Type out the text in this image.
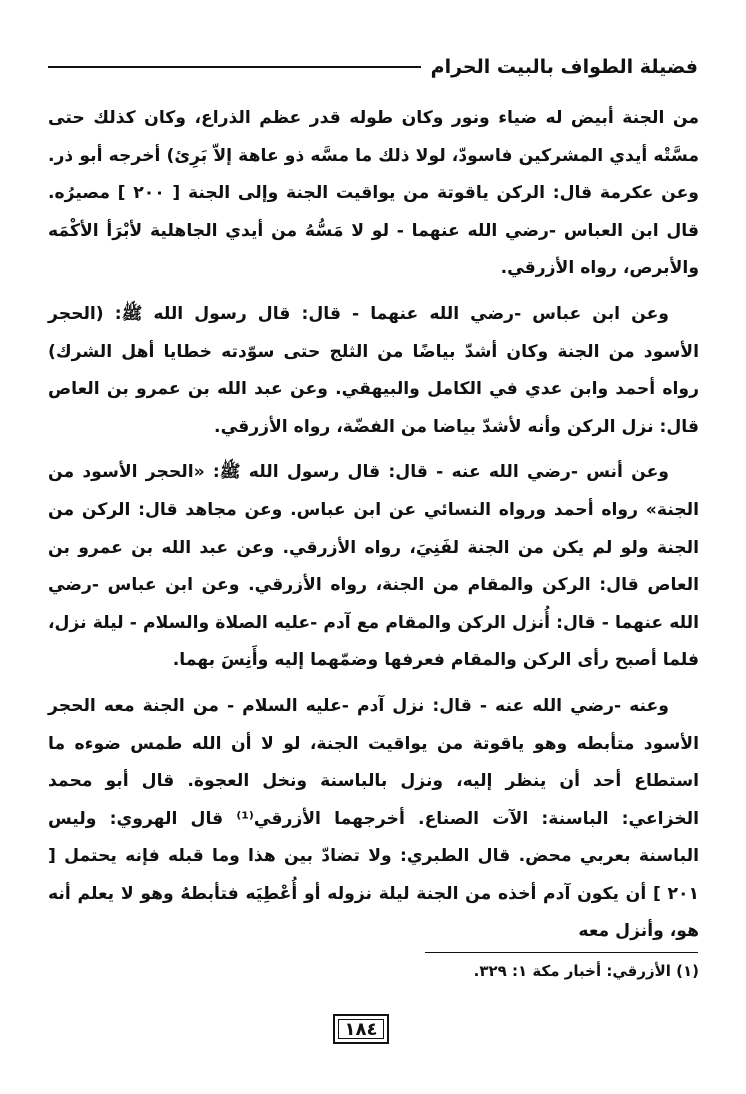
فضيلة الطواف بالبيت الحرام

من الجنة أبيض له ضياء ونور وكان طوله قدر عظم الذراع، وكان كذلك حتى مسَّتْه أيدي المشركين فاسودّ، لولا ذلك ما مسَّه ذو عاهة إلاّ بَرِئ) أخرجه أبو ذر. وعن عكرمة قال: الركن ياقوتة من يواقيت الجنة وإلى الجنة [ ٢٠٠ ] مصيرُه. قال ابن العباس -رضي الله عنهما - لو لا مَسُّهُ من أيدي الجاهلية لأبْرَأ الأكْمَه والأبرص، رواه الأزرقي.

وعن ابن عباس -رضي الله عنهما - قال: قال رسول الله ﷺ: (الحجر الأسود من الجنة وكان أشدّ بياضًا من الثلج حتى سوّدته خطايا أهل الشرك) رواه أحمد وابن عدي في الكامل والبيهقي. وعن عبد الله بن عمرو بن العاص قال: نزل الركن وأنه لأشدّ بياضا من الفضّة، رواه الأزرقي.

وعن أنس -رضي الله عنه - قال: قال رسول الله ﷺ: «الحجر الأسود من الجنة» رواه أحمد ورواه النسائي عن ابن عباس. وعن مجاهد قال: الركن من الجنة ولو لم يكن من الجنة لفَنِيَ، رواه الأزرقي. وعن عبد الله بن عمرو بن العاص قال: الركن والمقام من الجنة، رواه الأزرقي. وعن ابن عباس -رضي الله عنهما - قال: أُنزل الركن والمقام مع آدم -عليه الصلاة والسلام - ليلة نزل، فلما أصبح رأى الركن والمقام فعرفها وضمّهما إليه وأَنِسَ بهما.

وعنه -رضي الله عنه - قال: نزل آدم -عليه السلام - من الجنة معه الحجر الأسود متأبطه وهو ياقوتة من يواقيت الجنة، لو لا أن الله طمس ضوءه ما استطاع أحد أن ينظر إليه، ونزل بالباسنة ونخل العجوة. قال أبو محمد الخزاعي: الباسنة: الآت الصناع. أخرجهما الأزرقي⁽¹⁾ قال الهروي: وليس الباسنة بعربي محض. قال الطبري: ولا تضادّ بين هذا وما قبله فإنه يحتمل [ ٢٠١ ] أن يكون آدم أخذه من الجنة ليلة نزوله أو أُعْطِيَه فتأبطهُ وهو لا يعلم أنه هو، وأنزل معه

(١) الأزرقي: أخبار مكة ١: ٣٢٩.
١٨٤
